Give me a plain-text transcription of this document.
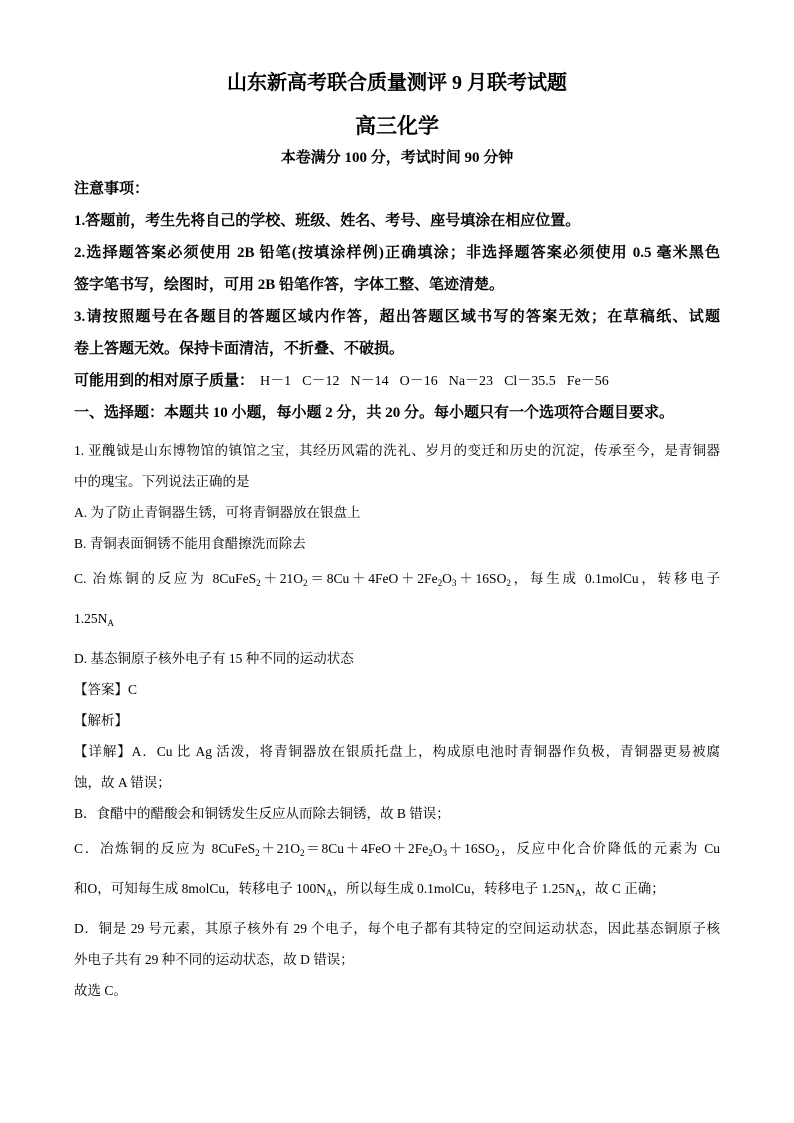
山东新高考联合质量测评 9 月联考试题
高三化学
本卷满分 100 分，考试时间 90 分钟
注意事项：
1.答题前，考生先将自己的学校、班级、姓名、考号、座号填涂在相应位置。
2.选择题答案必须使用 2B 铅笔(按填涂样例)正确填涂；非选择题答案必须使用 0.5 毫米黑色
签字笔书写，绘图时，可用 2B 铅笔作答，字体工整、笔迹清楚。
3.请按照题号在各题目的答题区域内作答，超出答题区域书写的答案无效；在草稿纸、试题
卷上答题无效。保持卡面清洁，不折叠、不破损。
可能用到的相对原子质量： H－1 C－12 N－14 O－16 Na－23 Cl－35.5 Fe－56
一、选择题：本题共 10 小题，每小题 2 分，共 20 分。每小题只有一个选项符合题目要求。
1. 亚醜钺是山东博物馆的镇馆之宝，其经历风霜的洗礼、岁月的变迁和历史的沉淀，传承至今，是青铜器
中的瑰宝。下列说法正确的是
A. 为了防止青铜器生锈，可将青铜器放在银盘上
B. 青铜表面铜锈不能用食醋擦洗而除去
C. 冶炼铜的反应为 $8CuFeS_2+21O_2=8Cu+4FeO+2Fe_2O_3+16SO_2$，每生成 0.1molCu，转移电子
$1.25N_A$
D. 基态铜原子核外电子有 15 种不同的运动状态
【答案】C
【解析】
【详解】A．Cu 比 Ag 活泼，将青铜器放在银质托盘上，构成原电池时青铜器作负极，青铜器更易被腐
蚀，故 A 错误；
B．食醋中的醋酸会和铜锈发生反应从而除去铜锈，故 B 错误；
C．冶炼铜的反应为 $8CuFeS_2+21O_2=8Cu+4FeO+2Fe_2O_3+16SO_2$，反应中化合价降低的元素为 Cu
和O，可知每生成 8molCu，转移电子 $100N_A$，所以每生成 0.1molCu，转移电子 $1.25N_A$，故 C 正确；
D．铜是 29 号元素，其原子核外有 29 个电子，每个电子都有其特定的空间运动状态，因此基态铜原子核
外电子共有 29 种不同的运动状态，故 D 错误；
故选 C。
